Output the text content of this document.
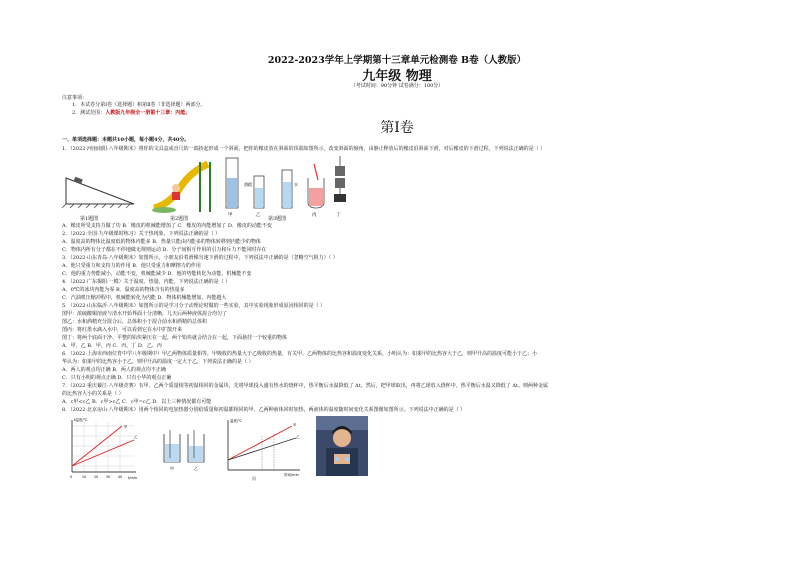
2022-2023学年上学期第十三章单元检测卷 B卷（人教版）
九年级 物理
（考试时间：90分钟 试卷满分：100分）
注意事项：
1．本试卷分第Ⅰ卷（选择题）和第Ⅱ卷（非选择题）两部分。
2．测试范围：人教版九年级全一册第十三章：内能。
第Ⅰ卷
一、单项选择题：本题共10小题，每小题4分，共40分。
1．（2022·河南南阳·八年级期末）将你的文具盒或直尺的一端抬起形成一个斜面，把你的橡皮放在斜面的顶端如图所示，改变斜面的倾角，由静止释放后的橡皮沿斜面下滑，对后橡皮的下滑过程，下列说法正确的是（ ）
酒精	水
甲	乙	丙	丁
第1题图	第2题图	第3题图
A．橡皮所受支持力做了功 B．橡皮的机械能增加了 C．橡皮的内能增加了 D．橡皮的动能不变
2．（2022·全国·九年级课时练习）关于热现象，下列说法正确的是（ ）
A．温度高的物体比温度低的物体内能多 B．热量只能由内能多的物体转移到内能少的物体
C．物体内所有分子都在不停地做无规则运动 D．分子间相互作用的引力和斥力不能同时存在
3．（2022·山东青岛·八年级期末）如图所示，小朋友沿着滑梯匀速下滑的过程中，下列说法中正确的是（忽略空气阻力）（ ）
A．他只受重力和支持力的作用 B．他只受重力和摩擦力的作用
C．他的重力势能减小，动能不变，机械能减少 D．他的势能转化为动能，机械能不变
4．（2022·广东揭阳·一模）关于温度、热量、内能，下列说法正确的是（ ）
A．0℃的冰块内能为零 B．温度高的物体含有的热量多
C．汽油机压缩冲程中，机械能转化为内能 D．物体机械能增加，内能越大
5．（2022·山东临沂·八年级期末）如图所示的是学习分子动理论时做的一些实验，其中实验现象形成原因相同的是（ ）
图甲：浓硫酸铜溶液与清水开始界面十分清晰，几天后两种液体混合均匀了
图乙：水和酒精充分混合后，总体积小于混合前水和酒精的总体积
图丙：将红墨水滴入水中，可以看到它在水中扩散开来
图丁：将两个底面干净、平整的铅块紧压在一起，两个铅块就会结合在一起，下面悬挂一个较重的物体
A．甲、乙 B．甲、丙 C．丙、丁 D．乙、丙
6．（2022·上海市西南位育中学八年级期中）甲乙两物体质量相等，甲吸收的热量大于乙吸收的热量，有关甲、乙两物体的比热容和温度变化关系，小明认为：如果甲的比热容大于乙，则甲升高的温度可能小于乙；小
华认为：如果甲的比热容小于乙，则甲升高的温度一定大于乙，下列说法正确的是（ ）
A．两人的观点均正确 B．两人的观点均不正确
C．只有小明的观点正确 D．只有小华的观点正确
7．（2022·重庆綦江·八年级竞赛）有甲、乙两个质量相等初温相同的金属块，先将甲球投入盛有热水的烧杯中，热平衡后水温降低了 Δt。然后，把甲球取出，再将乙球放入烧杯中，热平衡后水温又降低了 Δt。则两种金属
的比热容大小的关系是（ ）
A．c甲<c乙 B．c甲>c乙 C．c甲=c乙 D．以上三种情况都有可能
8．（2022·北京房山·八年级期末）用两个相同的电加热器分别给质量和初温都相同的甲、乙两种液体同时加热，两液体的温度随时间变化关系图像如图所示。下列说法中正确的是（ ）
t温度/℃
t/min
甲
乙
0	10 20 30 40
甲	乙
温度/℃
时间/min
甲
乙
丙
